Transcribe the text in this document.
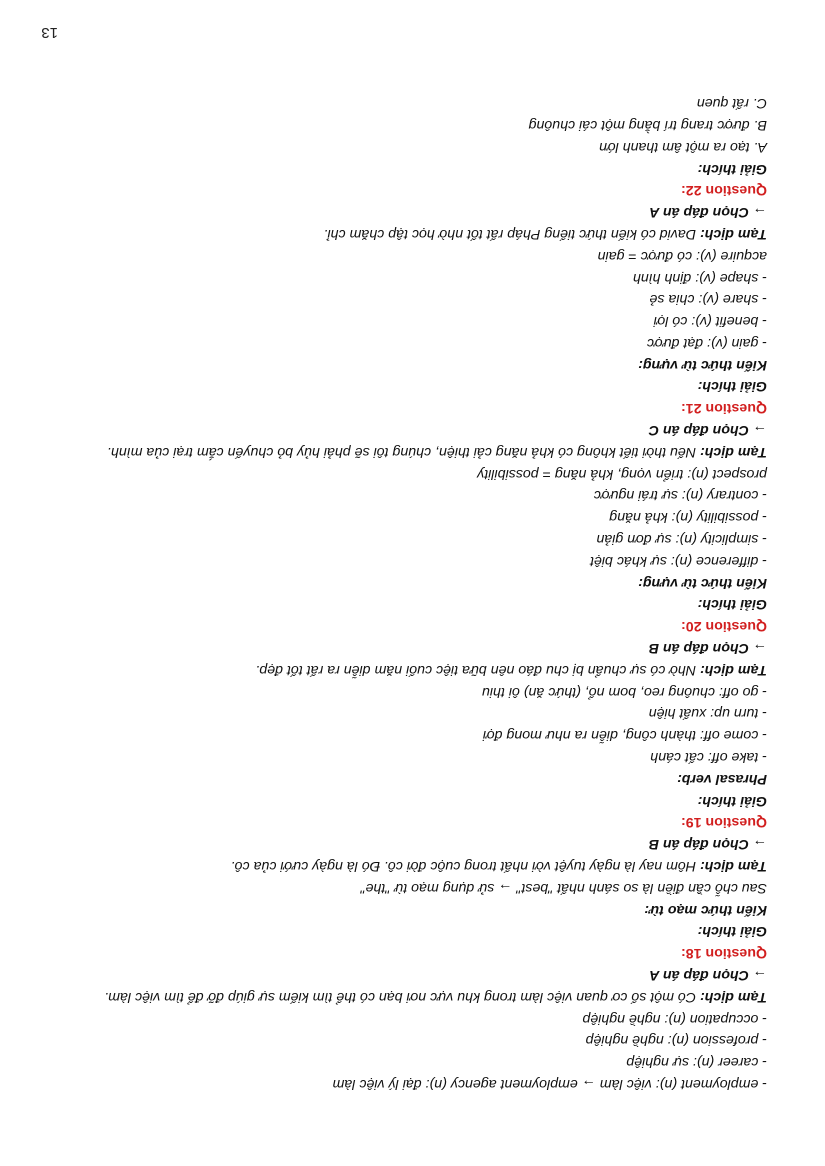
- employment (n): việc làm → employment agency (n): đại lý việc làm
- career (n): sự nghiệp
- profession (n): nghề nghiệp
- occupation (n): nghề nghiệp
Tạm dịch: Có một số cơ quan việc làm trong khu vực nơi bạn có thể tìm kiếm sự giúp đỡ để tìm việc làm.
→ Chọn đáp án A
Question 18:
Giải thích:
Kiến thức mạo từ:
Sau chỗ cần điền là so sánh nhất "best" → sử dụng mạo từ "the"
Tạm dịch: Hôm nay là ngày tuyệt vời nhất trong cuộc đời cô. Đó là ngày cưới của cô.
→ Chọn đáp án B
Question 19:
Giải thích:
Phrasal verb:
- take off: cất cánh
- come off: thành công, diễn ra như mong đợi
- turn up: xuất hiện
- go off: chuông reo, bom nổ, (thức ăn) ôi thiu
Tạm dịch: Nhờ có sự chuẩn bị chu đáo nên bữa tiệc cuối năm diễn ra rất tốt đẹp.
→ Chọn đáp án B
Question 20:
Giải thích:
Kiến thức từ vựng:
- difference (n): sự khác biệt
- simplicity (n): sự đơn giản
- possibility (n): khả năng
- contrary (n): sự trái ngược
prospect (n): triển vọng, khả năng = possibility
Tạm dịch: Nếu thời tiết không có khả năng cải thiện, chúng tôi sẽ phải hủy bỏ chuyến cắm trại của mình.
→ Chọn đáp án C
Question 21:
Giải thích:
Kiến thức từ vựng:
- gain (v): đạt được
- benefit (v): có lợi
- share (v): chia sẻ
- shape (v): định hình
acquire (v): có được = gain
Tạm dịch: David có kiến thức tiếng Pháp rất tốt nhờ học tập chăm chỉ.
→ Chọn đáp án A
Question 22:
Giải thích:
A. tạo ra một âm thanh lớn
B. được trang trí bằng một cái chuông
C. rất quen
13
